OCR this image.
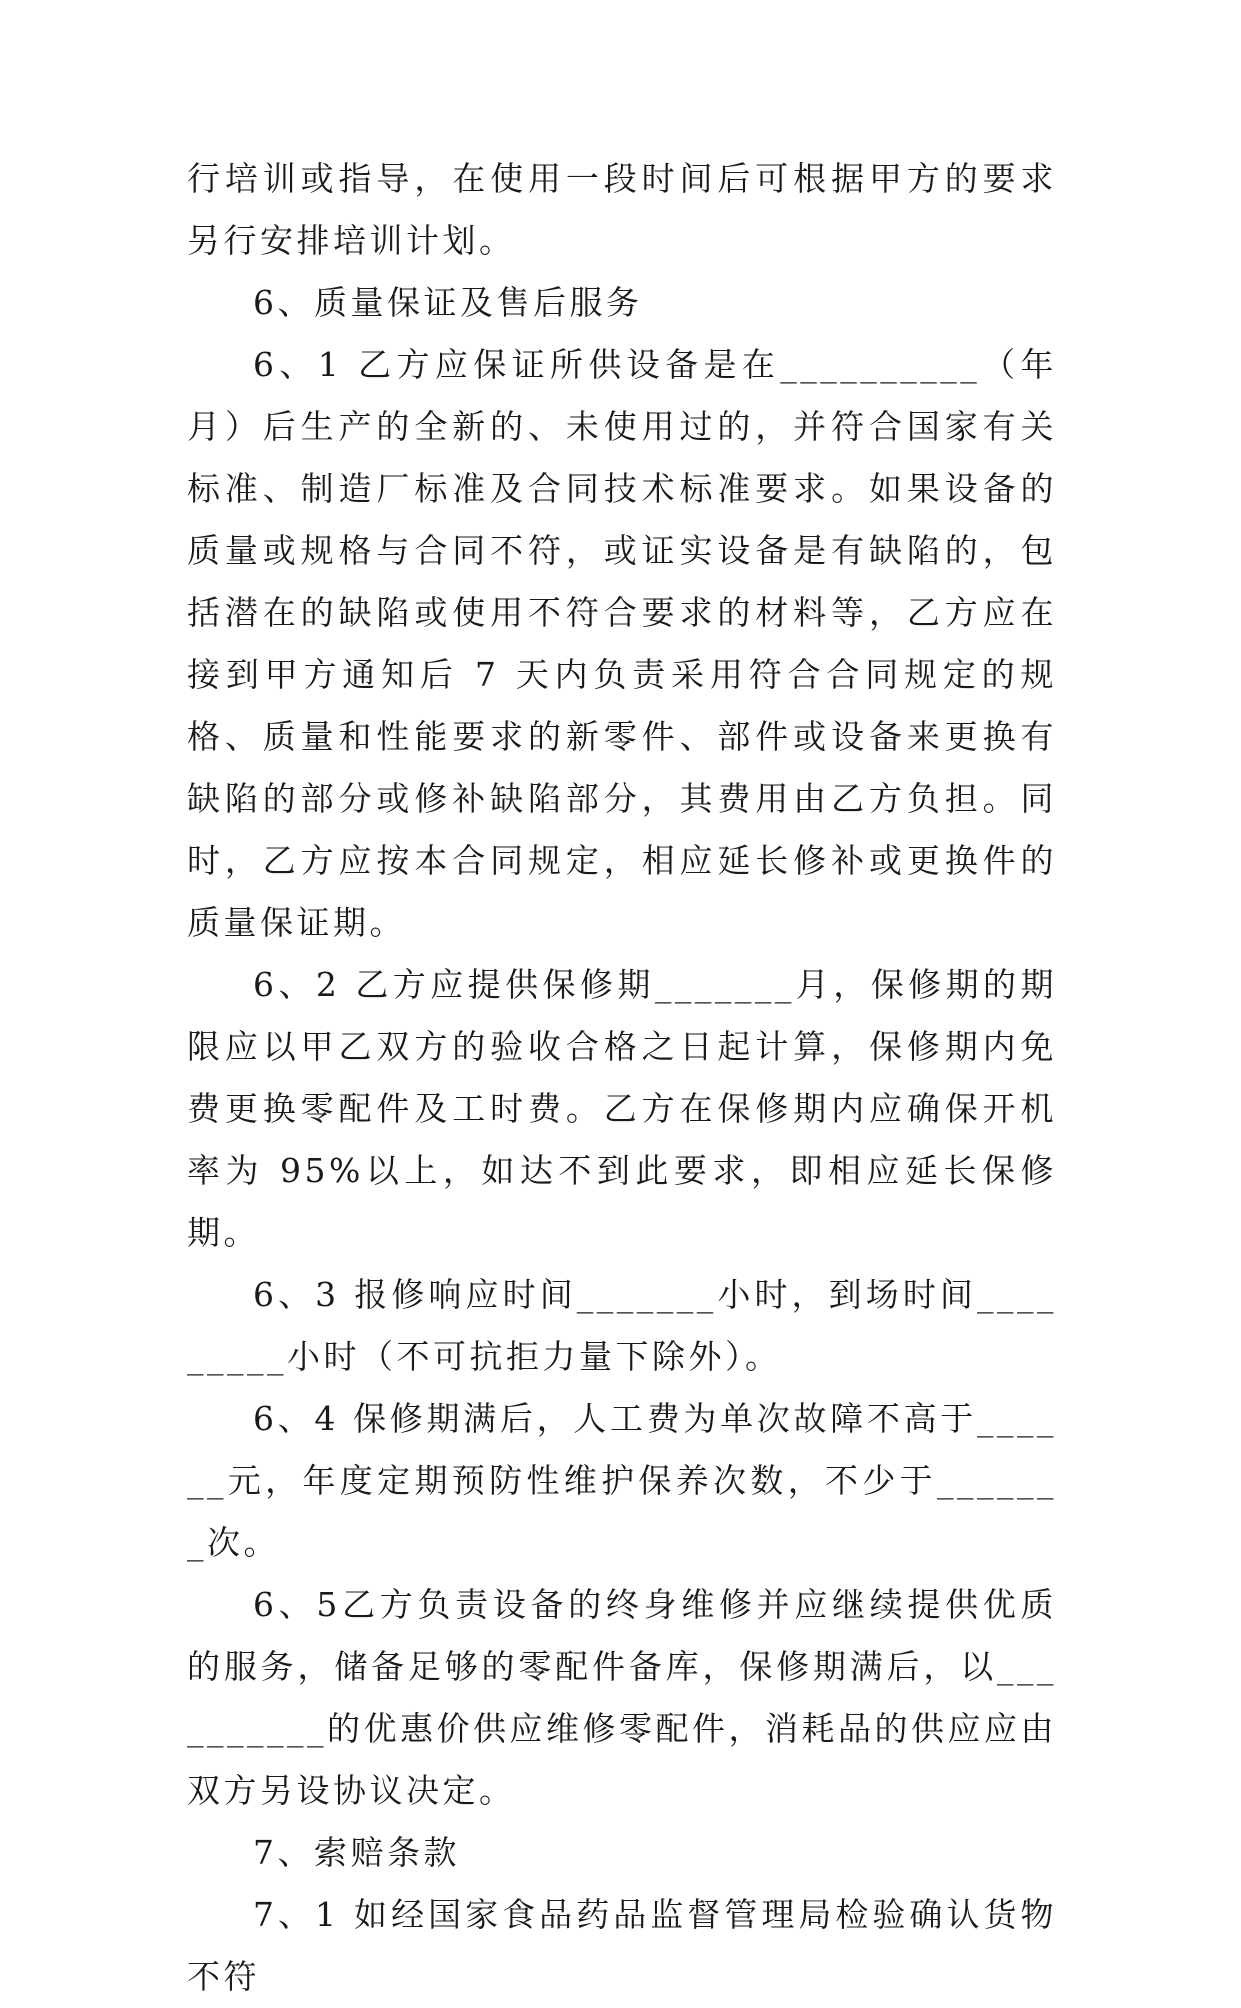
行培训或指导，在使用一段时间后可根据甲方的要求另行安排培训计划。

6、质量保证及售后服务

6、1 乙方应保证所供设备是在__________（年月）后生产的全新的、未使用过的，并符合国家有关标准、制造厂标准及合同技术标准要求。如果设备的质量或规格与合同不符，或证实设备是有缺陷的，包括潜在的缺陷或使用不符合要求的材料等，乙方应在接到甲方通知后 7 天内负责采用符合合同规定的规格、质量和性能要求的新零件、部件或设备来更换有缺陷的部分或修补缺陷部分，其费用由乙方负担。同时，乙方应按本合同规定，相应延长修补或更换件的质量保证期。

6、2 乙方应提供保修期_______月，保修期的期限应以甲乙双方的验收合格之日起计算，保修期内免费更换零配件及工时费。乙方在保修期内应确保开机率为 95%以上，如达不到此要求，即相应延长保修期。

6、3 报修响应时间_______小时，到场时间_________小时（不可抗拒力量下除外）。

6、4 保修期满后，人工费为单次故障不高于______元，年度定期预防性维护保养次数，不少于_______次。

6、5乙方负责设备的终身维修并应继续提供优质的服务，储备足够的零配件备库，保修期满后，以__________的优惠价供应维修零配件，消耗品的供应应由双方另设协议决定。

7、索赔条款

7、1 如经国家食品药品监督管理局检验确认货物不符
